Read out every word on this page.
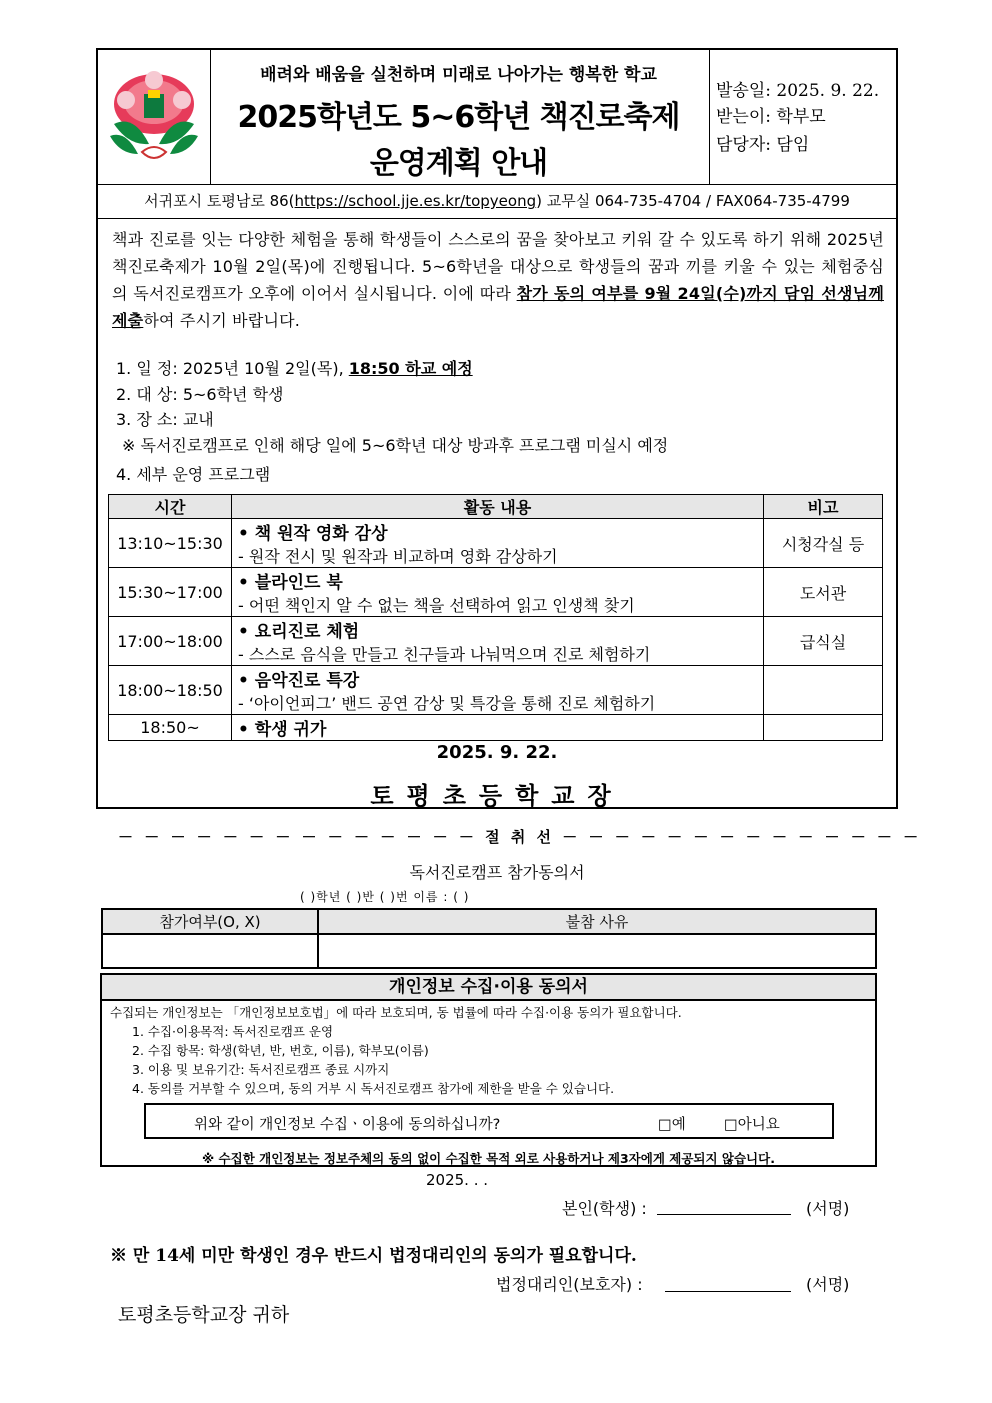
배려와 배움을 실천하며 미래로 나아가는 행복한 학교
2025학년도 5~6학년 책진로축제
운영계획 안내
발송일: 2025. 9. 22.
받는이: 학부모
담당자: 담임
서귀포시 토평남로 86(https://school.jje.es.kr/topyeong) 교무실 064-735-4704 / FAX064-735-4799
책과 진로를 잇는 다양한 체험을 통해 학생들이 스스로의 꿈을 찾아보고 키워 갈 수 있도록 하기 위해 2025년 책진로축제가 10월 2일(목)에 진행됩니다. 5~6학년을 대상으로 학생들의 꿈과 끼를 키울 수 있는 체험중심의 독서진로캠프가 오후에 이어서 실시됩니다. 이에 따라 참가 동의 여부를 9월 24일(수)까지 담임 선생님께 제출하여 주시기 바랍니다.
1. 일 정: 2025년 10월 2일(목), 18:50 하교 예정
2. 대 상: 5~6학년 학생
3. 장 소: 교내
※ 독서진로캠프로 인해 해당 일에 5~6학년 대상 방과후 프로그램 미실시 예정
4. 세부 운영 프로그램
시간	활동 내용	비고
13:10~15:30	• 책 원작 영화 감상
- 원작 전시 및 원작과 비교하며 영화 감상하기	시청각실 등
15:30~17:00	• 블라인드 북
- 어떤 책인지 알 수 없는 책을 선택하여 읽고 인생책 찾기	도서관
17:00~18:00	• 요리진로 체험
- 스스로 음식을 만들고 친구들과 나눠먹으며 진로 체험하기	급식실
18:00~18:50	• 음악진로 특강
- ‘아이언피그’ 밴드 공연 감상 및 특강을 통해 진로 체험하기	

18:50~	• 학생 귀가	

2025. 9. 22.
토평초등학교장
－ － － － － － － － － － － － － － 절 취 선 － － － － － － － － － － － － － －
독서진로캠프 참가동의서
( )학년 ( )반 ( )번 이름 : ( )
참가여부(O, X)	불참 사유

개인정보 수집·이용 동의서
수집되는 개인정보는 「개인정보보호법」에 따라 보호되며, 동 법률에 따라 수집·이용 동의가 필요합니다.
1. 수집·이용목적: 독서진로캠프 운영
2. 수집 항목: 학생(학년, 반, 번호, 이름), 학부모(이름)
3. 이용 및 보유기간: 독서진로캠프 종료 시까지
4. 동의를 거부할 수 있으며, 동의 거부 시 독서진로캠프 참가에 제한을 받을 수 있습니다.
위와 같이 개인정보 수집ㆍ이용에 동의하십니까?	□예	□아니요
※ 수집한 개인정보는 정보주체의 동의 없이 수집한 목적 외로 사용하거나 제3자에게 제공되지 않습니다.
2025. . .
본인(학생) :	(서명)
※ 만 14세 미만 학생인 경우 반드시 법정대리인의 동의가 필요합니다.
법정대리인(보호자) :	(서명)
토평초등학교장 귀하
